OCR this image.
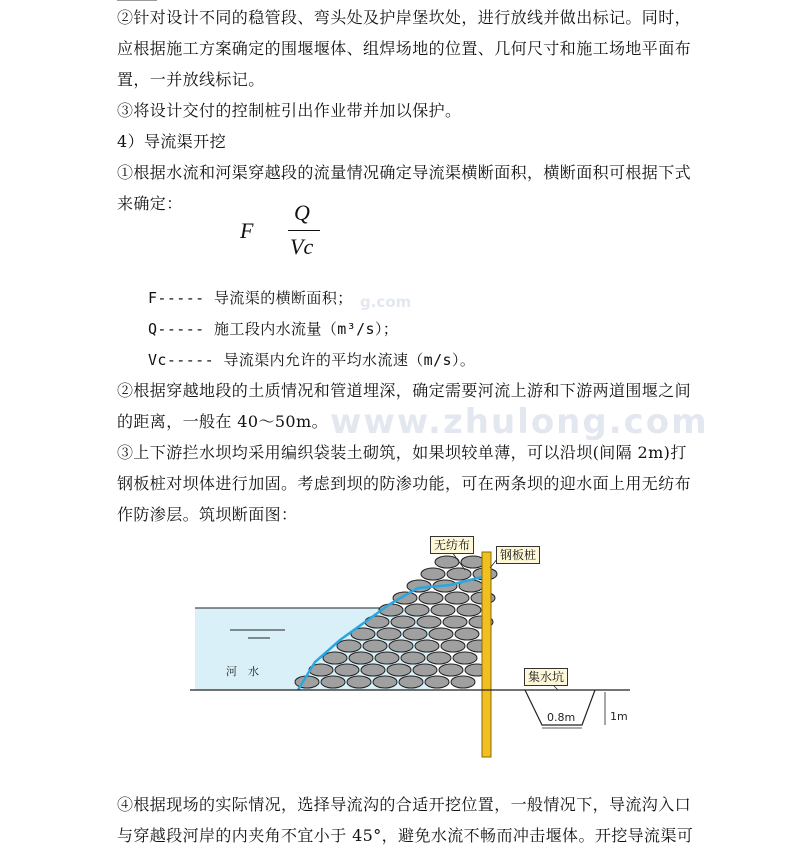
②针对设计不同的稳管段、弯头处及护岸堡坎处，进行放线并做出标记。同时，
应根据施工方案确定的围堰堰体、组焊场地的位置、几何尺寸和施工场地平面布
置，一并放线标记。
③将设计交付的控制桩引出作业带并加以保护。
4）导流渠开挖
①根据水流和河渠穿越段的流量情况确定导流渠横断面积，横断面积可根据下式
来确定：
F
Q
Vc
F----- 导流渠的横断面积；
Q----- 施工段内水流量（m³/s）；
Vc----- 导流渠内允许的平均水流速（m/s）。
g.com
②根据穿越地段的土质情况和管道埋深，确定需要河流上游和下游两道围堰之间
的距离，一般在 40～50m。 www.zhulong.com
③上下游拦水坝均采用编织袋装土砌筑，如果坝较单薄，可以沿坝(间隔 2m)打
钢板桩对坝体进行加固。考虑到坝的防渗功能，可在两条坝的迎水面上用无纺布
作防渗层。筑坝断面图：
无纺布
钢板桩
集水坑
河　水
0.8m	1m
④根据现场的实际情况，选择导流沟的合适开挖位置，一般情况下，导流沟入口
与穿越段河岸的内夹角不宜小于 45°，避免水流不畅而冲击堰体。开挖导流渠可
